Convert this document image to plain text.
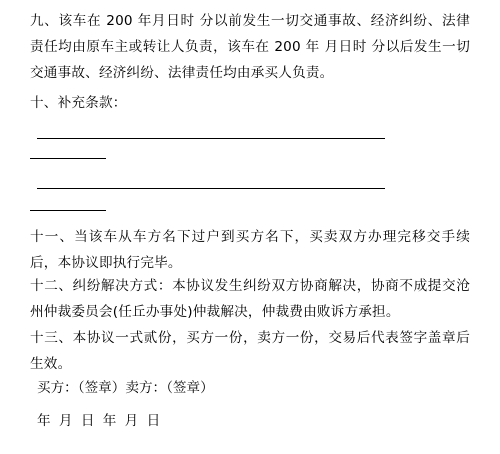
九、该车在 200 年月日时 分以前发生一切交通事故、经济纠纷、法律责任均由原车主或转让人负责，该车在 200 年 月日时 分以后发生一切交通事故、经济纠纷、法律责任均由承买人负责。
十、补充条款：
十一、当该车从车方名下过户到买方名下，买卖双方办理完移交手续后，本协议即执行完毕。
十二、纠纷解决方式：本协议发生纠纷双方协商解决，协商不成提交沧州仲裁委员会(任丘办事处)仲裁解决，仲裁费由败诉方承担。
十三、本协议一式贰份，买方一份，卖方一份，交易后代表签字盖章后生效。
买方：（签章）卖方：（签章）
年 月 日 年 月 日
